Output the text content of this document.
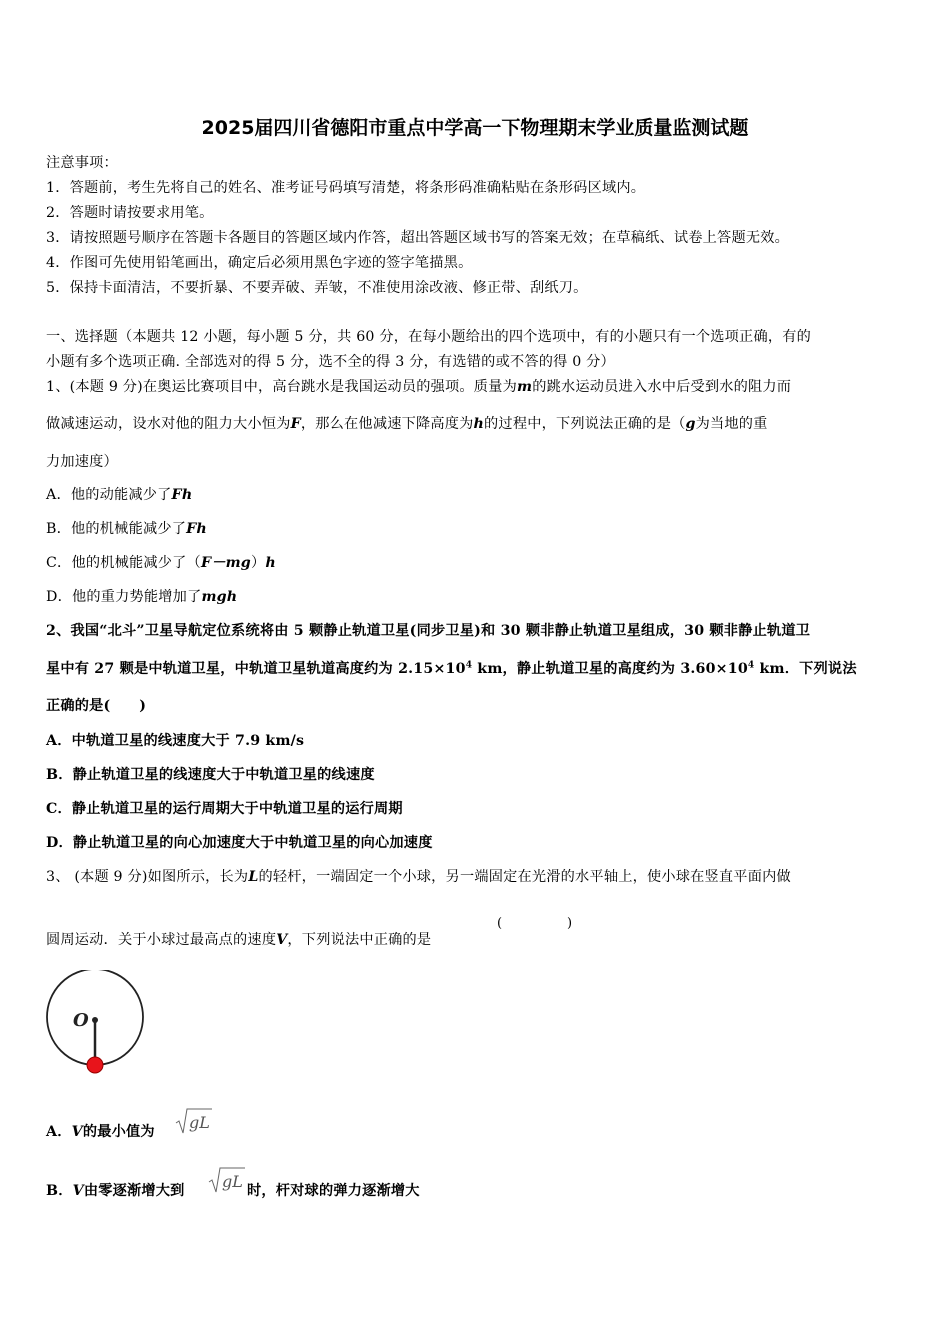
2025届四川省德阳市重点中学高一下物理期末学业质量监测试题
注意事项：
1．答题前，考生先将自己的姓名、准考证号码填写清楚，将条形码准确粘贴在条形码区域内。
2．答题时请按要求用笔。
3．请按照题号顺序在答题卡各题目的答题区域内作答，超出答题区域书写的答案无效；在草稿纸、试卷上答题无效。
4．作图可先使用铅笔画出，确定后必须用黑色字迹的签字笔描黑。
5．保持卡面清洁，不要折暴、不要弄破、弄皱，不准使用涂改液、修正带、刮纸刀。
一、选择题（本题共 12 小题，每小题 5 分，共 60 分，在每小题给出的四个选项中，有的小题只有一个选项正确，有的
小题有多个选项正确. 全部选对的得 5 分，选不全的得 3 分，有选错的或不答的得 0 分）
1、(本题 9 分)在奥运比赛项目中，高台跳水是我国运动员的强项。质量为m的跳水运动员进入水中后受到水的阻力而
做减速运动，设水对他的阻力大小恒为F，那么在他减速下降高度为h的过程中，下列说法正确的是（g为当地的重
力加速度）
A．他的动能减少了Fh
B．他的机械能减少了Fh
C．他的机械能减少了（F－mg）h
D．他的重力势能增加了mgh
2、我国“北斗”卫星导航定位系统将由 5 颗静止轨道卫星(同步卫星)和 30 颗非静止轨道卫星组成，30 颗非静止轨道卫
星中有 27 颗是中轨道卫星，中轨道卫星轨道高度约为 $2.15\times 10^4$ km，静止轨道卫星的高度约为 $3.60\times 10^4$ km．下列说法
正确的是(　　)
A．中轨道卫星的线速度大于 7.9 km/s
B．静止轨道卫星的线速度大于中轨道卫星的线速度
C．静止轨道卫星的运行周期大于中轨道卫星的运行周期
D．静止轨道卫星的向心加速度大于中轨道卫星的向心加速度
3、 (本题 9 分)如图所示，长为L的轻杆，一端固定一个小球，另一端固定在光滑的水平轴上，使小球在竖直平面内做
圆周运动．关于小球过最高点的速度V，下列说法中正确的是
(	)
O
A．V的最小值为 gL
B．V由零逐渐增大到 gL 时，杆对球的弹力逐渐增大
